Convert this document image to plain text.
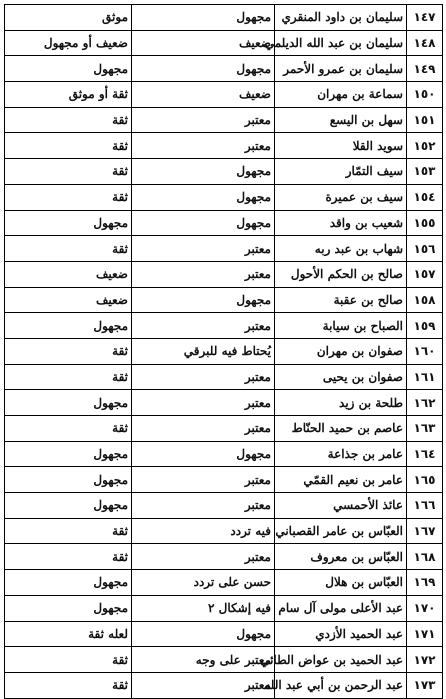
١٤٧	سليمان بن داود المنقري	مجهول	موثق
١٤٨	سليمان بن عبد الله الديلمي	ضعيف	ضعيف أو مجهول
١٤٩	سليمان بن عمرو الأحمر	مجهول	مجهول
١٥٠	سماعة بن مهران	ضعيف	ثقة أو موثق
١٥١	سهل بن اليسع	معتبر	ثقة
١٥٢	سويد القلا	معتبر	ثقة
١٥٣	سيف التمّار	مجهول	ثقة
١٥٤	سيف بن عميرة	مجهول	ثقة
١٥٥	شعيب بن واقد	مجهول	مجهول
١٥٦	شهاب بن عبد ربه	معتبر	ثقة
١٥٧	صالح بن الحكم الأحول	معتبر	ضعيف
١٥٨	صالح بن عقبة	مجهول	ضعيف
١٥٩	الصباح بن سيابة	معتبر	مجهول
١٦٠	صفوان بن مهران	يُحتاط فيه للبرقي	ثقة
١٦١	صفوان بن يحيى	معتبر	ثقة
١٦٢	طلحة بن زيد	معتبر	مجهول
١٦٣	عاصم بن حميد الحنّاط	معتبر	ثقة
١٦٤	عامر بن جذاعة	مجهول	مجهول
١٦٥	عامر بن نعيم القمّي	معتبر	مجهول
١٦٦	عائذ الأحمسي	معتبر	مجهول
١٦٧	العبّاس بن عامر القصباني	فيه تردد	ثقة
١٦٨	العبّاس بن معروف	معتبر	ثقة
١٦٩	العبّاس بن هلال	حسن على تردد	مجهول
١٧٠	عبد الأعلى مولى آل سام	فيه إشكال ٢	مجهول
١٧١	عبد الحميد الأزدي	مجهول	لعله ثقة
١٧٢	عبد الحميد بن عواض الطائي	معتبر على وجه	ثقة
١٧٣	عبد الرحمن بن أبي عبد الله	معتبر	ثقة
